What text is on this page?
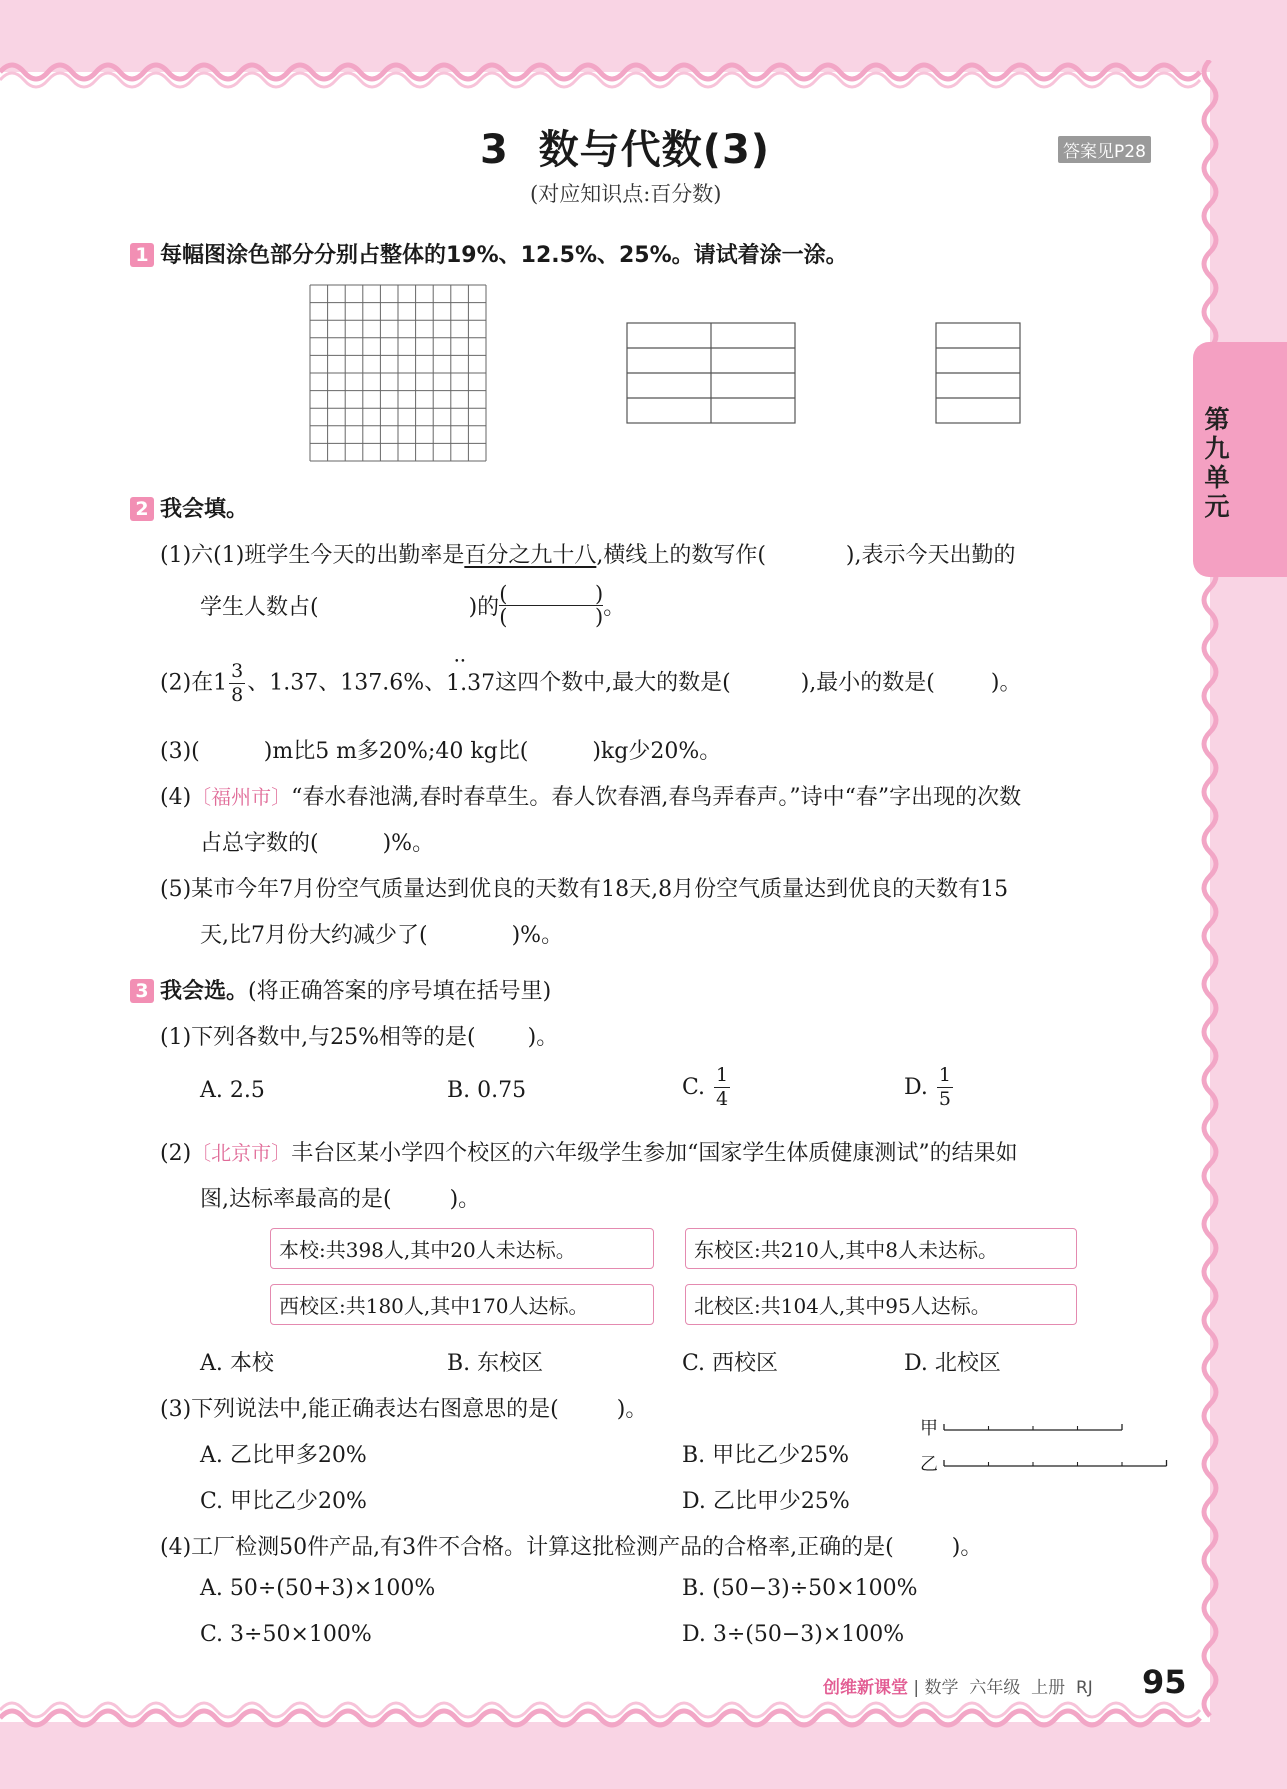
3  数与代数(3)
(对应知识点:百分数)
答案见P28
第九单元
1 每幅图涂色部分分别占整体的19%、12.5%、25%。请试着涂一涂。
2 我会填。
(1)六(1)班学生今天的出勤率是百分之九十八,横线上的数写作(	),表示今天出勤的
学生人数占(	)的
(	)

(	)
。
(2)在$1 \frac{3}{8}$ 、1.37、137.6%、• • 1.37这四个数中,最大的数是(	),最小的数是(	)。
(3)(	)m比5 m多20%;40 kg比(	)kg少20%。
(4)〔福州市〕“春水春池满,春时春草生。春人饮春酒,春鸟弄春声。”诗中“春”字出现的次数
占总字数的(	)%。
(5)某市今年7月份空气质量达到优良的天数有18天,8月份空气质量达到优良的天数有15
天,比7月份大约减少了(	)%。
3 我会选。(将正确答案的序号填在括号里)
(1)下列各数中,与25%相等的是( )。
A. 2.5	B. 0.75	C. $\frac{1}{4}$	D. $\frac{1}{5}$
(2)〔北京市〕丰台区某小学四个校区的六年级学生参加“国家学生体质健康测试”的结果如
图,达标率最高的是(	)。
本校:共398人,其中20人未达标。	东校区:共210人,其中8人未达标。
西校区:共180人,其中170人达标。	北校区:共104人,其中95人达标。
A. 本校	B. 东校区	C. 西校区	D. 北校区
(3)下列说法中,能正确表达右图意思的是(	)。
A. 乙比甲多20%	B. 甲比乙少25%
C. 甲比乙少20%	D. 乙比甲少25%
甲
乙
(4)工厂检测50件产品,有3件不合格。计算这批检测产品的合格率,正确的是(	)。
A. 50÷(50+3)×100%	B. (50−3)÷50×100%
C. 3÷50×100%	D. 3÷(50−3)×100%
创维新课堂 | 数学  六年级  上册  RJ 95
